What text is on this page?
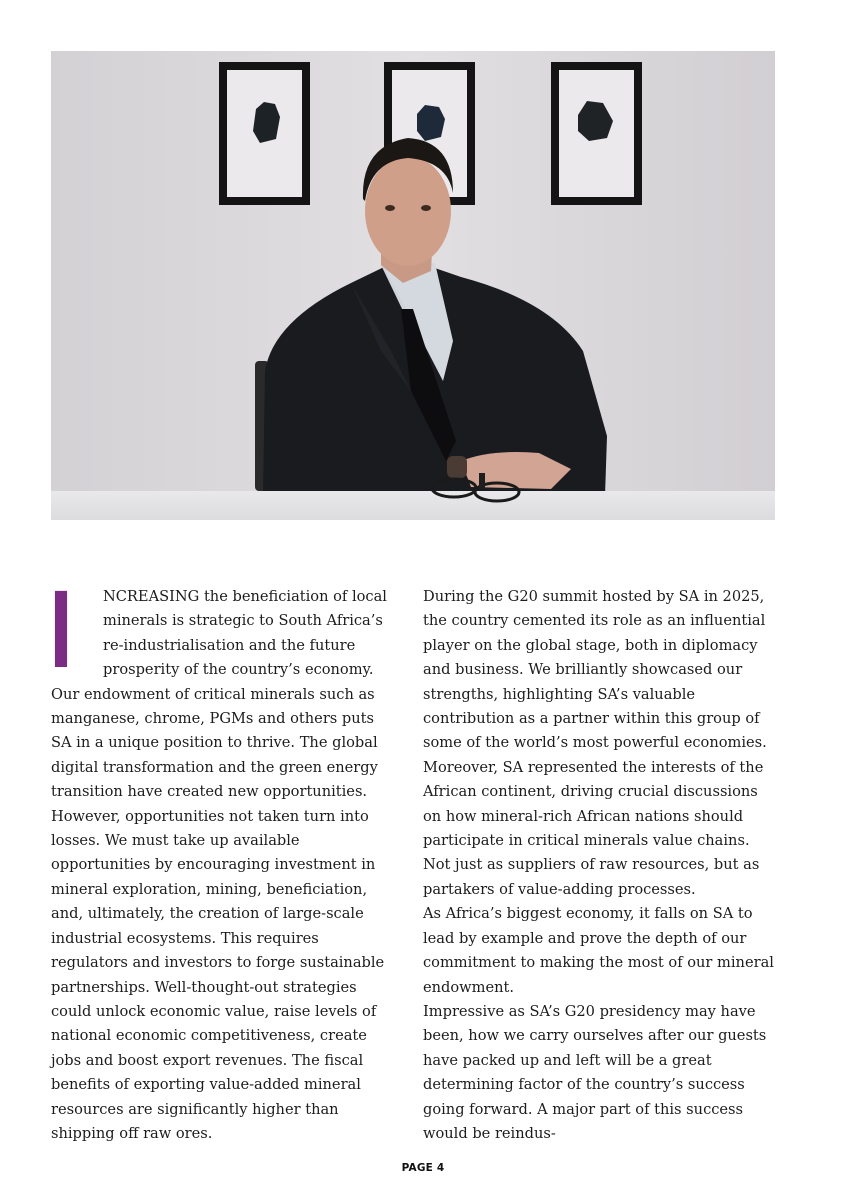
I	NCREASING the beneficiation of local minerals is strategic to South Africa’s re-industrialisation and the future prosperity of the country’s economy. Our endowment of critical minerals such as manganese, chrome, PGMs and others puts SA in a unique position to thrive. The global digital transformation and the green energy transition have created new opportunities.

However, opportunities not taken turn into losses. We must take up available opportunities by encouraging investment in mineral exploration, mining, beneficiation, and, ultimately, the creation of large-scale industrial ecosystems. This requires regulators and investors to forge sustainable partnerships. Well-thought-out strategies could unlock economic value, raise levels of national economic competitiveness, create jobs and boost export revenues. The fiscal benefits of exporting value-added mineral resources are significantly higher than shipping off raw ores.

During the G20 summit hosted by SA in 2025, the country cemented its role as an influential player on the global stage, both in diplomacy and business. We brilliantly showcased our strengths, highlighting SA’s valuable contribution as a partner within this group of some of the world’s most powerful economies. Moreover, SA represented the interests of the African continent, driving crucial discussions on how mineral-rich African nations should participate in critical minerals value chains. Not just as suppliers of raw resources, but as partakers of value-adding processes.

As Africa’s biggest economy, it falls on SA to lead by example and prove the depth of our commitment to making the most of our mineral endowment.

Impressive as SA’s G20 presidency may have been, how we carry ourselves after our guests have packed up and left will be a great determining factor of the country’s success going forward. A major part of this success would be reindus-

PAGE 4
